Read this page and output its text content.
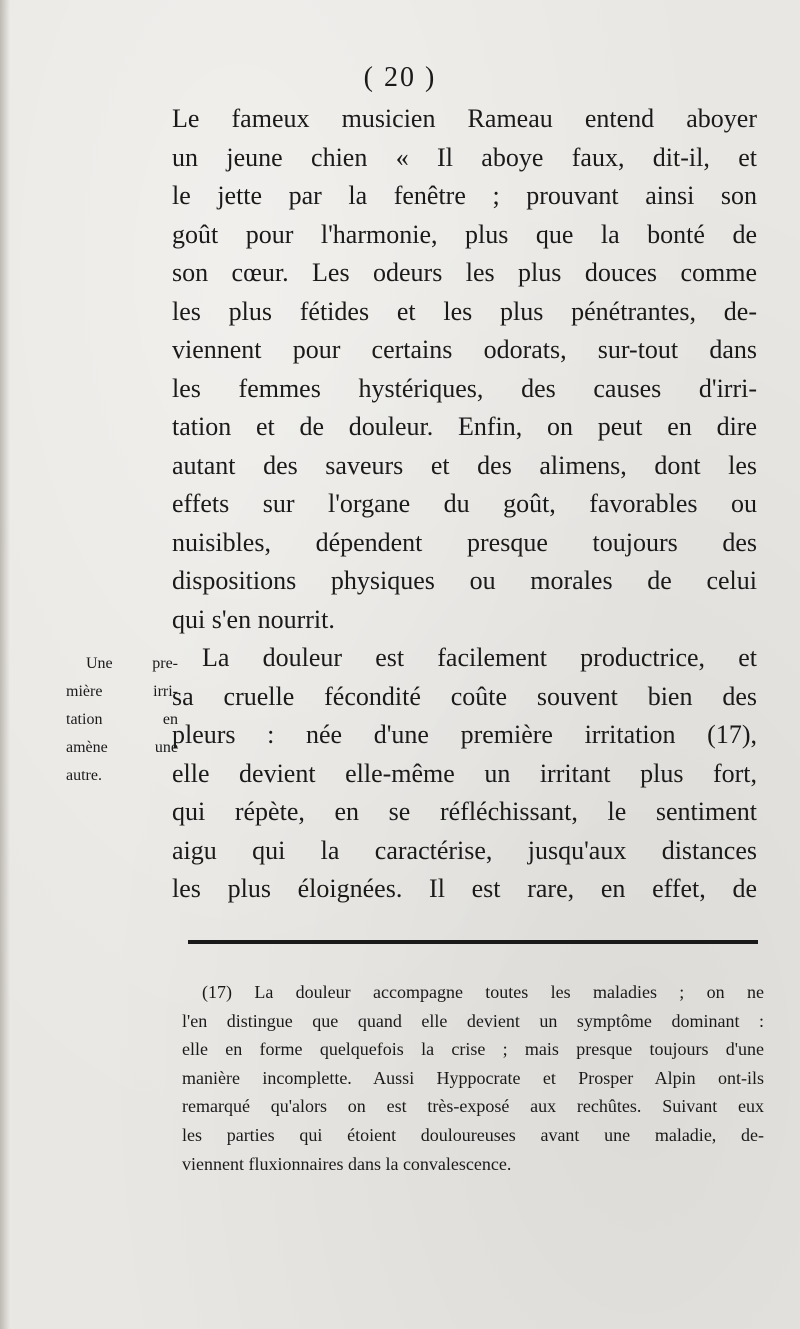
( 20 )
Le fameux musicien Rameau entend aboyer
un jeune chien « Il aboye faux, dit-il, et
le jette par la fenêtre ; prouvant ainsi son
goût pour l'harmonie, plus que la bonté de
son cœur. Les odeurs les plus douces comme
les plus fétides et les plus pénétrantes, de-
viennent pour certains odorats, sur-tout dans
les femmes hystériques, des causes d'irri-
tation et de douleur. Enfin, on peut en dire
autant des saveurs et des alimens, dont les
effets sur l'organe du goût, favorables ou
nuisibles, dépendent presque toujours des
dispositions physiques ou morales de celui
qui s'en nourrit.
La douleur est facilement productrice, et
sa cruelle fécondité coûte souvent bien des
pleurs : née d'une première irritation (17),
elle devient elle-même un irritant plus fort,
qui répète, en se réfléchissant, le sentiment
aigu qui la caractérise, jusqu'aux distances
les plus éloignées. Il est rare, en effet, de
Une pre-
mière irri-
tation en
amène une
autre.
(17) La douleur accompagne toutes les maladies ; on ne
l'en distingue que quand elle devient un symptôme dominant :
elle en forme quelquefois la crise ; mais presque toujours d'une
manière incomplette. Aussi Hyppocrate et Prosper Alpin ont-ils
remarqué qu'alors on est très-exposé aux rechûtes. Suivant eux
les parties qui étoient douloureuses avant une maladie, de-
viennent fluxionnaires dans la convalescence.
